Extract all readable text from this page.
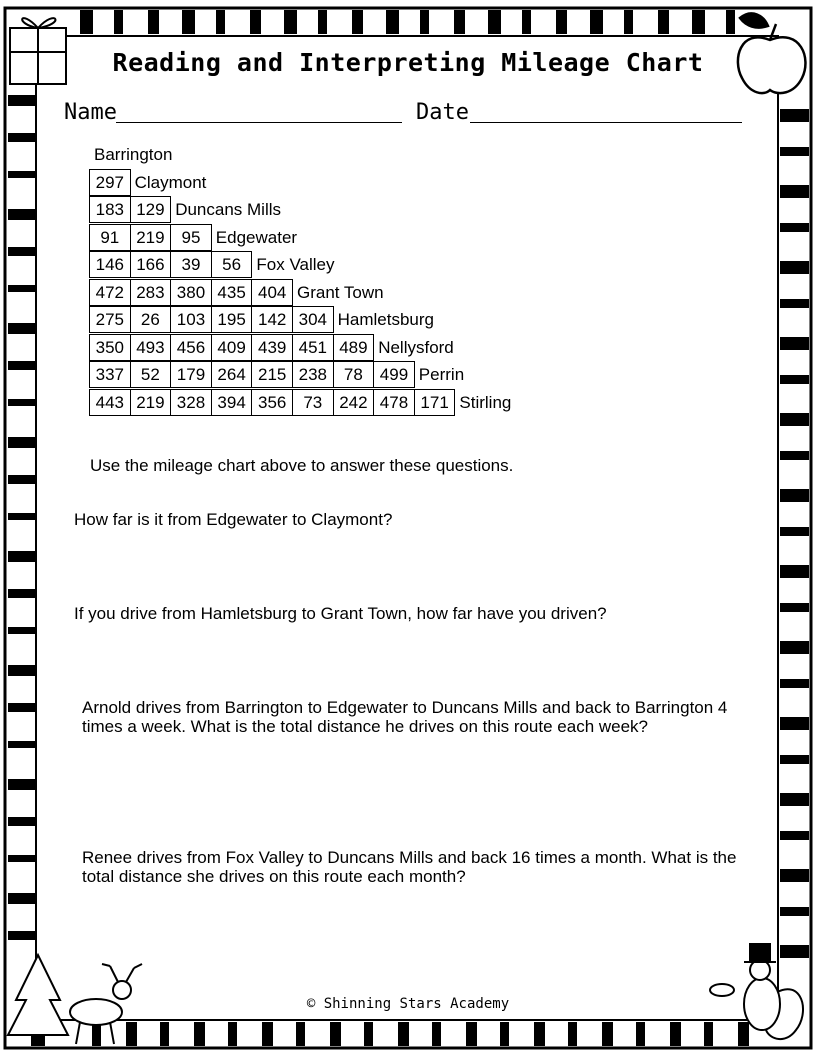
Reading and Interpreting Mileage Chart
Name	Date
Barrington
297 Claymont
183 129 Duncans Mills
91 219 95 Edgewater
146 166 39	56 Fox Valley
472 283 380 435 404 Grant Town
275 26 103 195 142 304 Hamletsburg
350 493 456 409 439 451 489 Nellysford
337 52 179 264 215 238 78 499 Perrin
443 219 328 394 356 73 242 478 171 Stirling
Use the mileage chart above to answer these questions.
How far is it from Edgewater to Claymont?
If you drive from Hamletsburg to Grant Town, how far have you driven?
Arnold drives from Barrington to Edgewater to Duncans Mills and back to Barrington 4 times a week. What is the total distance he drives on this route each week?
Renee drives from Fox Valley to Duncans Mills and back 16 times a month. What is the total distance she drives on this route each month?
© Shinning Stars Academy
